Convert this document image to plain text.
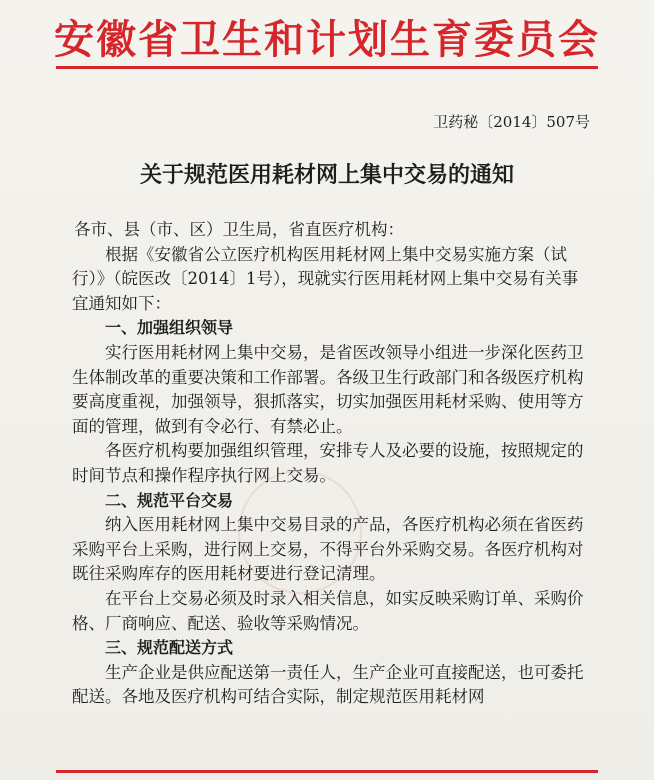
安徽省卫生和计划生育委员会
卫药秘〔2014〕507号
关于规范医用耗材网上集中交易的通知

各市、县（市、区）卫生局，省直医疗机构：

根据《安徽省公立医疗机构医用耗材网上集中交易实施方案（试行）》（皖医改〔2014〕1号），现就实行医用耗材网上集中交易有关事宜通知如下：

一、加强组织领导

实行医用耗材网上集中交易，是省医改领导小组进一步深化医药卫生体制改革的重要决策和工作部署。各级卫生行政部门和各级医疗机构要高度重视，加强领导，狠抓落实，切实加强医用耗材采购、使用等方面的管理，做到有令必行、有禁必止。

各医疗机构要加强组织管理，安排专人及必要的设施，按照规定的时间节点和操作程序执行网上交易。

二、规范平台交易

纳入医用耗材网上集中交易目录的产品，各医疗机构必须在省医药采购平台上采购，进行网上交易，不得平台外采购交易。各医疗机构对既往采购库存的医用耗材要进行登记清理。

在平台上交易必须及时录入相关信息，如实反映采购订单、采购价格、厂商响应、配送、验收等采购情况。

三、规范配送方式

生产企业是供应配送第一责任人，生产企业可直接配送，也可委托配送。各地及医疗机构可结合实际，制定规范医用耗材网
